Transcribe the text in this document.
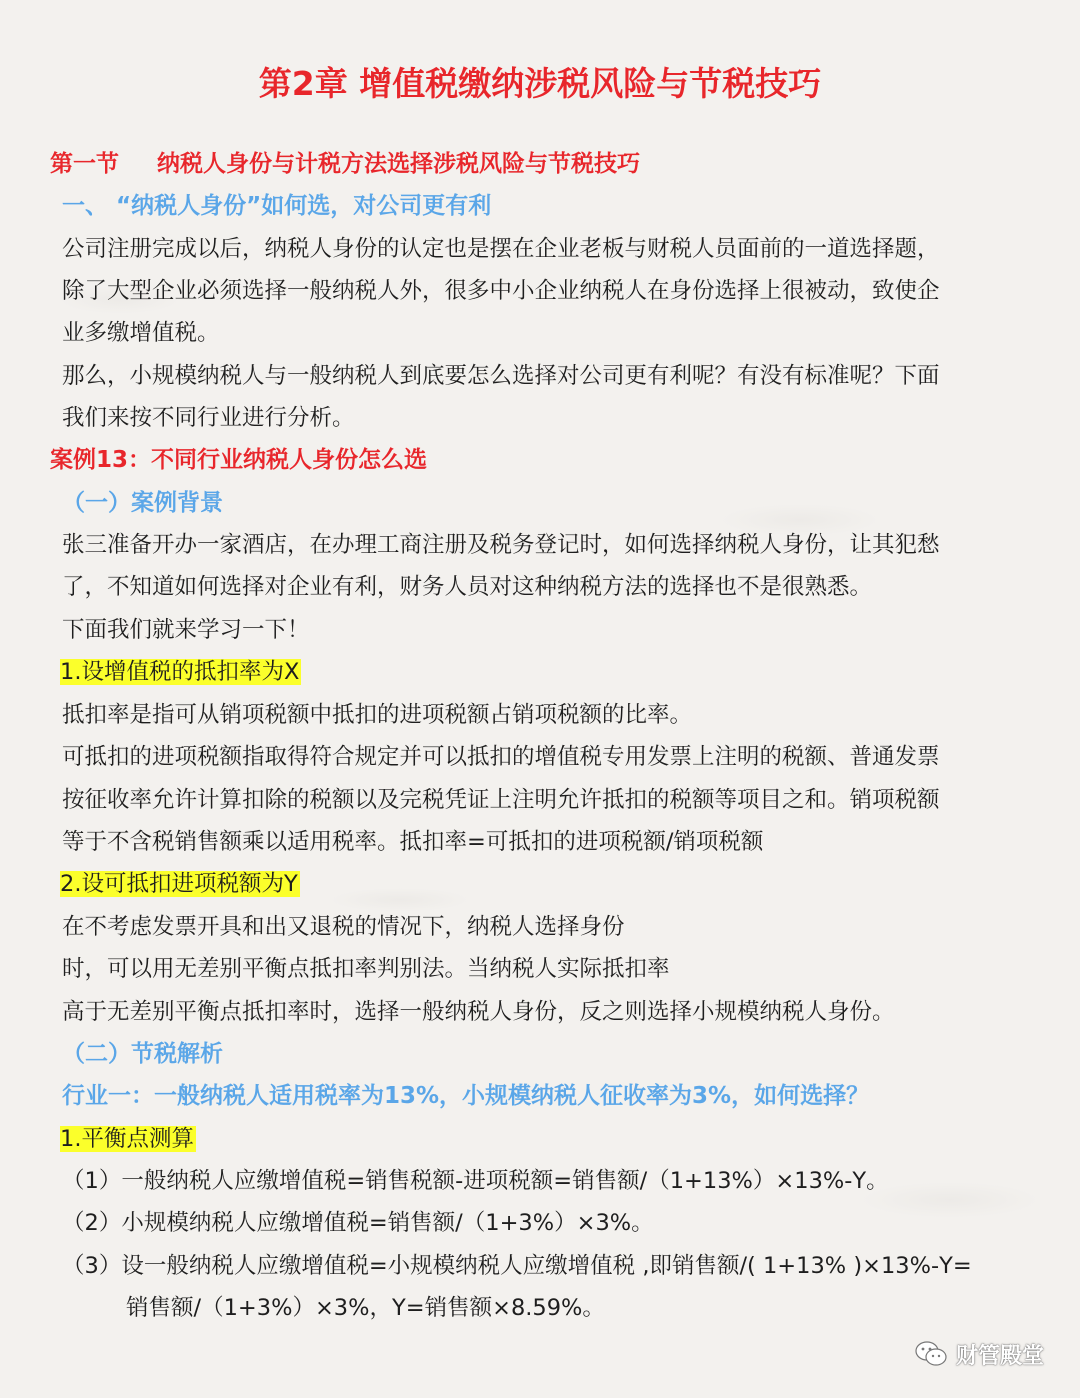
第2章 增值税缴纳涉税风险与节税技巧
第一节 纳税人身份与计税方法选择涉税风险与节税技巧
一、 “纳税人身份”如何选，对公司更有利
公司注册完成以后，纳税人身份的认定也是摆在企业老板与财税人员面前的一道选择题，
除了大型企业必须选择一般纳税人外，很多中小企业纳税人在身份选择上很被动，致使企
业多缴增值税。
那么，小规模纳税人与一般纳税人到底要怎么选择对公司更有利呢？有没有标准呢？下面
我们来按不同行业进行分析。
案例13：不同行业纳税人身份怎么选
（一）案例背景
张三准备开办一家酒店，在办理工商注册及税务登记时，如何选择纳税人身份，让其犯愁
了，不知道如何选择对企业有利，财务人员对这种纳税方法的选择也不是很熟悉。
下面我们就来学习一下！
1.设增值税的抵扣率为X
抵扣率是指可从销项税额中抵扣的进项税额占销项税额的比率。
可抵扣的进项税额指取得符合规定并可以抵扣的增值税专用发票上注明的税额、普通发票
按征收率允许计算扣除的税额以及完税凭证上注明允许抵扣的税额等项目之和。销项税额
等于不含税销售额乘以适用税率。抵扣率=可抵扣的进项税额/销项税额
2.设可抵扣进项税额为Y
在不考虑发票开具和出又退税的情况下，纳税人选择身份
时，可以用无差别平衡点抵扣率判别法。当纳税人实际抵扣率
高于无差别平衡点抵扣率时，选择一般纳税人身份，反之则选择小规模纳税人身份。
（二）节税解析
行业一：一般纳税人适用税率为13%，小规模纳税人征收率为3%，如何选择？
1.平衡点测算
（1）一般纳税人应缴增值税=销售税额-进项税额=销售额/（1+13%）×13%-Y。
（2）小规模纳税人应缴增值税=销售额/（1+3%）×3%。
（3）设一般纳税人应缴增值税=小规模纳税人应缴增值税 ,即销售额/( 1+13% )×13%-Y=
销售额/（1+3%）×3%，Y=销售额×8.59%。
财管殿堂
